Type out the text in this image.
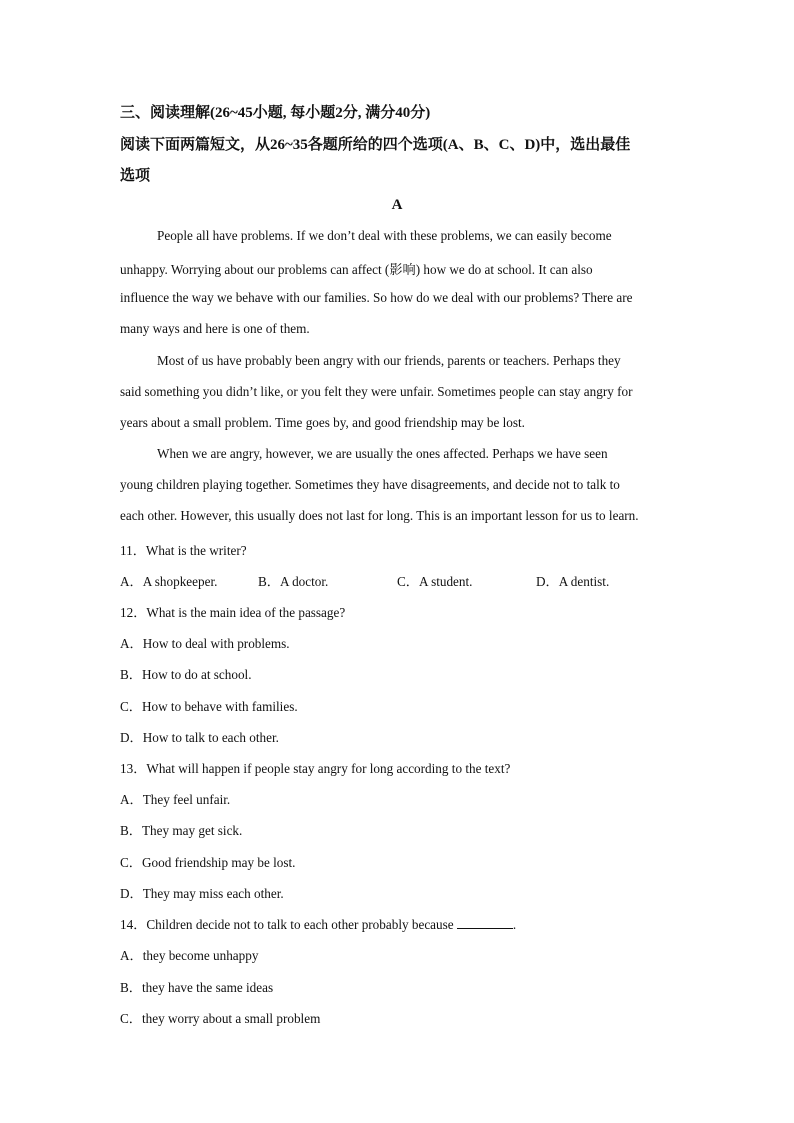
三、阅读理解(26~45小题, 每小题2分, 满分40分)
阅读下面两篇短文，从26~35各题所给的四个选项(A、B、C、D)中，选出最佳
选项
A
People all have problems. If we don’t deal with these problems, we can easily become
unhappy. Worrying about our problems can affect (影响) how we do at school. It can also
influence the way we behave with our families. So how do we deal with our problems? There are
many ways and here is one of them.
Most of us have probably been angry with our friends, parents or teachers. Perhaps they
said something you didn’t like, or you felt they were unfair. Sometimes people can stay angry for
years about a small problem. Time goes by, and good friendship may be lost.
When we are angry, however, we are usually the ones affected. Perhaps we have seen
young children playing together. Sometimes they have disagreements, and decide not to talk to
each other. However, this usually does not last for long. This is an important lesson for us to learn.
11．What is the writer?
A．A shopkeeper.	B．A doctor.	C．A student.	D．A dentist.
12．What is the main idea of the passage?
A．How to deal with problems.
B．How to do at school.
C．How to behave with families.
D．How to talk to each other.
13．What will happen if people stay angry for long according to the text?
A．They feel unfair.
B．They may get sick.
C．Good friendship may be lost.
D．They may miss each other.
14．Children decide not to talk to each other probably because	.
A．they become unhappy
B．they have the same ideas
C．they worry about a small problem
